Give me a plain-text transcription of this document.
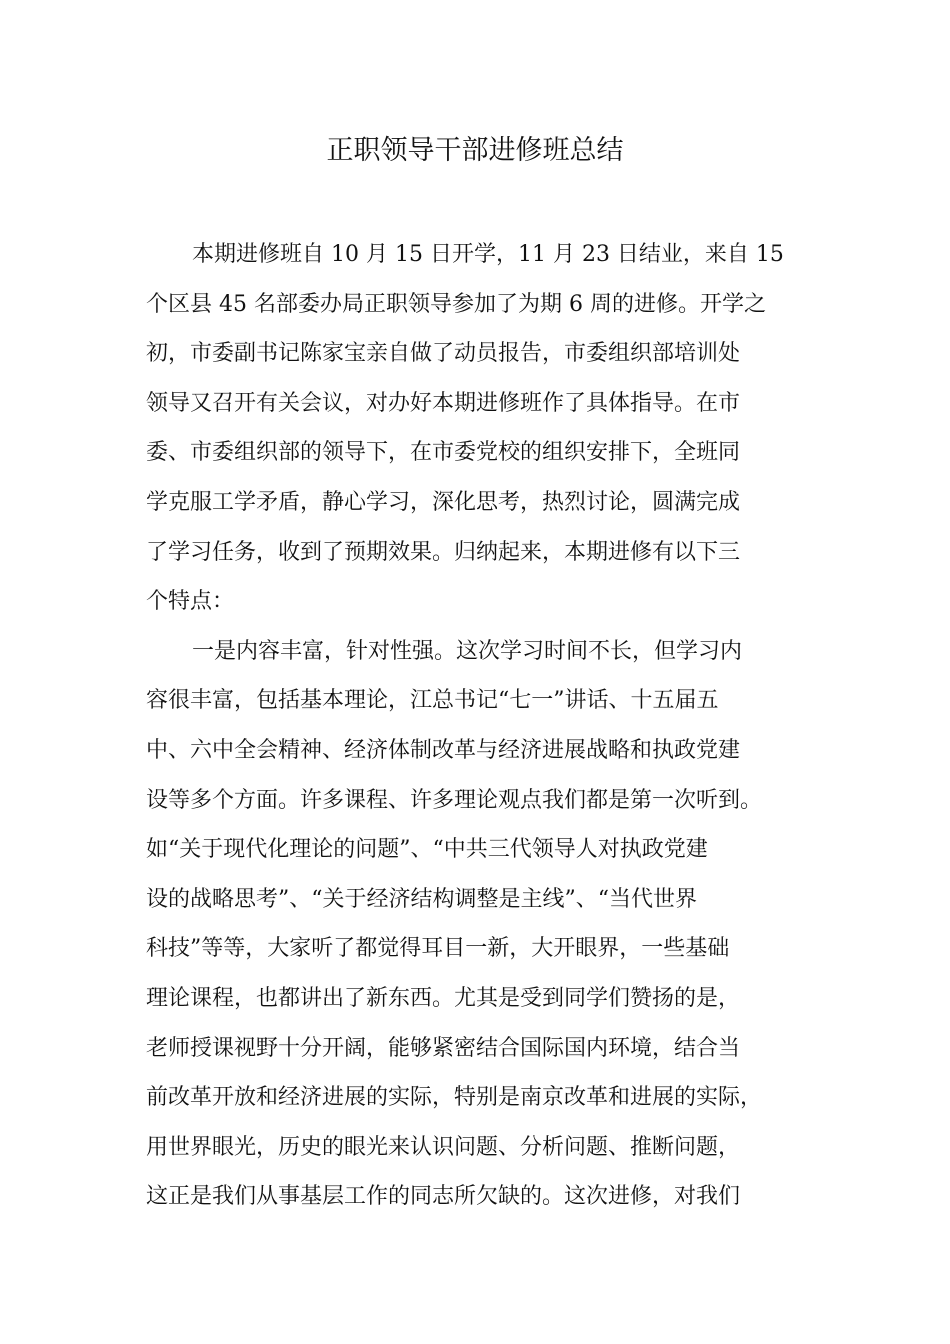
正职领导干部进修班总结
本期进修班自 10 月 15 日开学，11 月 23 日结业，来自 15
个区县 45 名部委办局正职领导参加了为期 6 周的进修。开学之
初，市委副书记陈家宝亲自做了动员报告，市委组织部培训处
领导又召开有关会议，对办好本期进修班作了具体指导。在市
委、市委组织部的领导下，在市委党校的组织安排下，全班同
学克服工学矛盾，静心学习，深化思考，热烈讨论，圆满完成
了学习任务，收到了预期效果。归纳起来，本期进修有以下三
个特点：
一是内容丰富，针对性强。这次学习时间不长，但学习内
容很丰富，包括基本理论，江总书记“七一”讲话、十五届五
中、六中全会精神、经济体制改革与经济进展战略和执政党建
设等多个方面。许多课程、许多理论观点我们都是第一次听到。
如“关于现代化理论的问题”、“中共三代领导人对执政党建
设的战略思考”、“关于经济结构调整是主线”、“当代世界
科技”等等，大家听了都觉得耳目一新，大开眼界，一些基础
理论课程，也都讲出了新东西。尤其是受到同学们赞扬的是，
老师授课视野十分开阔，能够紧密结合国际国内环境，结合当
前改革开放和经济进展的实际，特别是南京改革和进展的实际，
用世界眼光，历史的眼光来认识问题、分析问题、推断问题，
这正是我们从事基层工作的同志所欠缺的。这次进修，对我们
